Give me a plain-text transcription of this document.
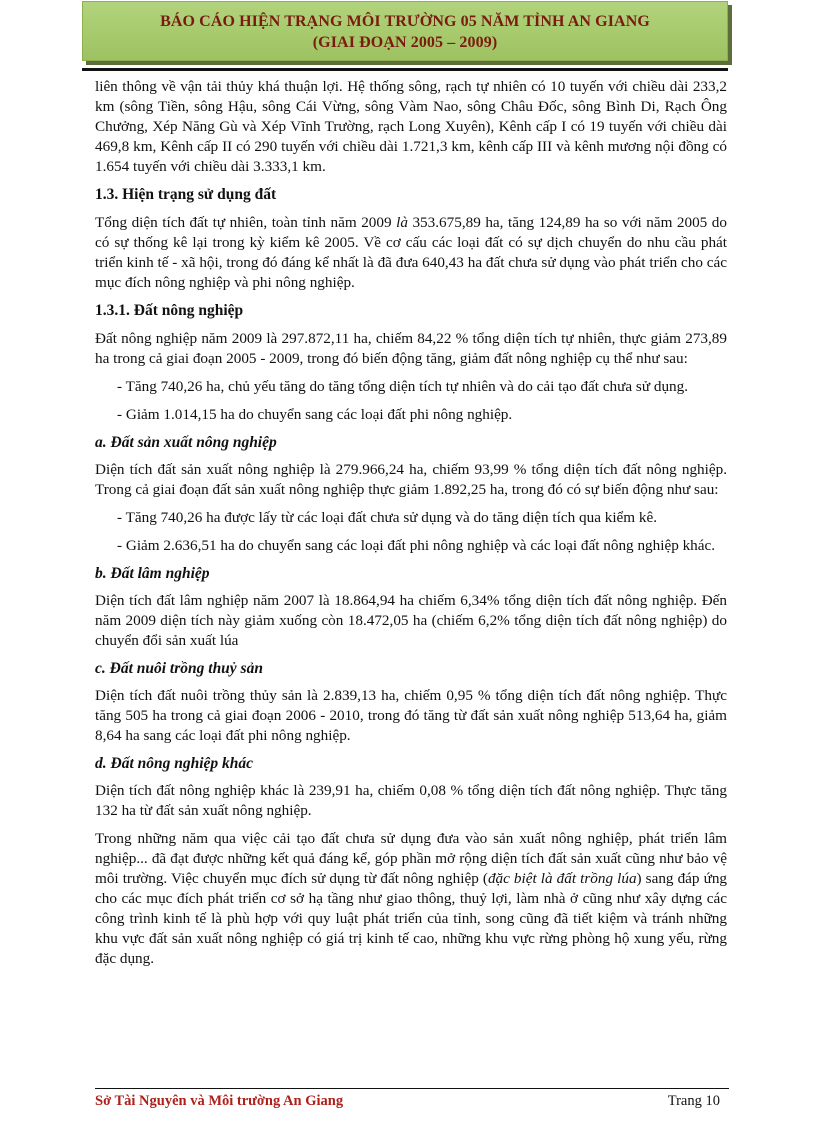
BÁO CÁO HIỆN TRẠNG MÔI TRƯỜNG 05 NĂM TỈNH AN GIANG
(GIAI ĐOẠN 2005 – 2009)

liên thông về vận tải thủy khá thuận lợi. Hệ thống sông, rạch tự nhiên có 10 tuyến với chiều dài 233,2 km (sông Tiền, sông Hậu, sông Cái Vừng, sông Vàm Nao, sông Châu Đốc, sông Bình Di, Rạch Ông Chưởng, Xép Năng Gù và Xép Vĩnh Trường, rạch Long Xuyên), Kênh cấp I có 19 tuyến với chiều dài 469,8 km, Kênh cấp II có 290 tuyến với chiều dài 1.721,3 km, kênh cấp III và kênh mương nội đồng có 1.654 tuyến với chiều dài 3.333,1 km.

1.3. Hiện trạng sử dụng đất

Tổng diện tích đất tự nhiên, toàn tỉnh năm 2009 là 353.675,89 ha, tăng 124,89 ha so với năm 2005 do có sự thống kê lại trong kỳ kiểm kê 2005. Về cơ cấu các loại đất có sự dịch chuyển do nhu cầu phát triển kinh tế - xã hội, trong đó đáng kể nhất là đã đưa 640,43 ha đất chưa sử dụng vào phát triển cho các mục đích nông nghiệp và phi nông nghiệp.

1.3.1. Đất nông nghiệp

Đất nông nghiệp năm 2009 là 297.872,11 ha, chiếm 84,22 % tổng diện tích tự nhiên, thực giảm 273,89 ha trong cả giai đoạn 2005 - 2009, trong đó biến động tăng, giảm đất nông nghiệp cụ thể như sau:

- Tăng 740,26 ha, chủ yếu tăng do tăng tổng diện tích tự nhiên và do cải tạo đất chưa sử dụng.

- Giảm 1.014,15 ha do chuyển sang các loại đất phi nông nghiệp.

a. Đất sản xuất nông nghiệp

Diện tích đất sản xuất nông nghiệp là 279.966,24 ha, chiếm 93,99 % tổng diện tích đất nông nghiệp. Trong cả giai đoạn đất sản xuất nông nghiệp thực giảm 1.892,25 ha, trong đó có sự biến động như sau:

- Tăng 740,26 ha được lấy từ các loại đất chưa sử dụng và do tăng diện tích qua kiểm kê.

- Giảm 2.636,51 ha do chuyển sang các loại đất phi nông nghiệp và các loại đất nông nghiệp khác.

b. Đất lâm nghiệp

Diện tích đất lâm nghiệp năm 2007 là 18.864,94 ha chiếm 6,34% tổng diện tích đất nông nghiệp. Đến năm 2009 diện tích này giảm xuống còn 18.472,05 ha (chiếm 6,2% tổng diện tích đất nông nghiệp) do chuyển đổi sản xuất lúa

c. Đất nuôi trồng thuỷ sản

Diện tích đất nuôi trồng thủy sản là 2.839,13 ha, chiếm 0,95 % tổng diện tích đất nông nghiệp. Thực tăng 505 ha trong cả giai đoạn 2006 - 2010, trong đó tăng từ đất sản xuất nông nghiệp 513,64 ha, giảm 8,64 ha sang các loại đất phi nông nghiệp.

d. Đất nông nghiệp khác

Diện tích đất nông nghiệp khác là 239,91 ha, chiếm 0,08 % tổng diện tích đất nông nghiệp. Thực tăng 132 ha từ đất sản xuất nông nghiệp.

Trong những năm qua việc cải tạo đất chưa sử dụng đưa vào sản xuất nông nghiệp, phát triển lâm nghiệp... đã đạt được những kết quả đáng kể, góp phần mở rộng diện tích đất sản xuất cũng như bảo vệ môi trường. Việc chuyển mục đích sử dụng từ đất nông nghiệp (đặc biệt là đất trồng lúa) sang đáp ứng cho các mục đích phát triển cơ sở hạ tầng như giao thông, thuỷ lợi, làm nhà ở cũng như xây dựng các công trình kinh tế là phù hợp với quy luật phát triển của tỉnh, song cũng đã tiết kiệm và tránh những khu vực đất sản xuất nông nghiệp có giá trị kinh tế cao, những khu vực rừng phòng hộ xung yếu, rừng đặc dụng.

Sở Tài Nguyên và Môi trường An Giang	Trang 10
